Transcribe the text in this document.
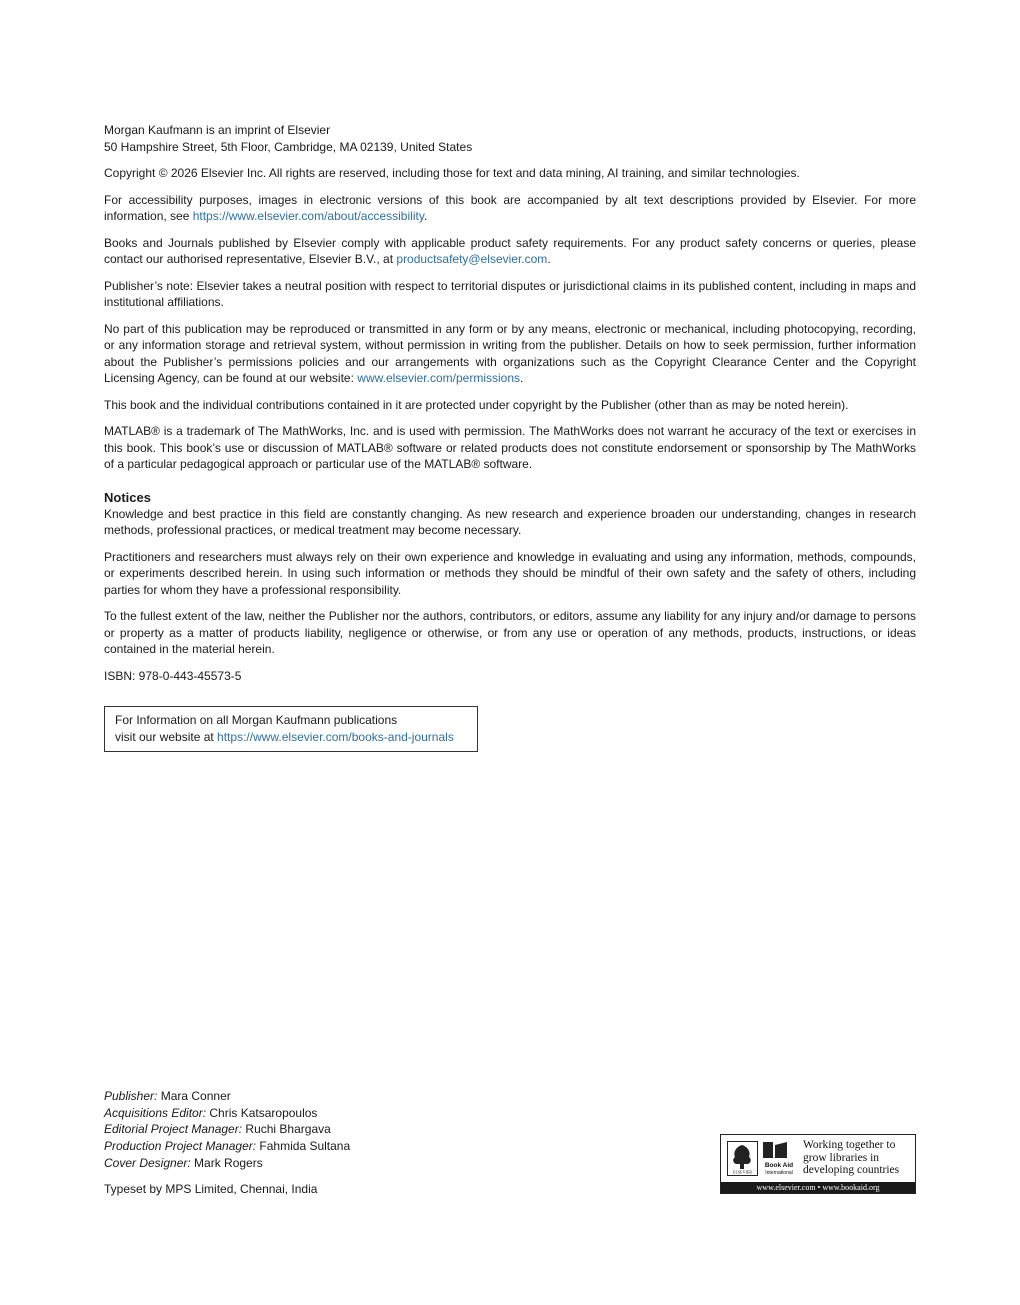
Morgan Kaufmann is an imprint of Elsevier

50 Hampshire Street, 5th Floor, Cambridge, MA 02139, United States

Copyright © 2026 Elsevier Inc. All rights are reserved, including those for text and data mining, AI training, and similar technologies.

For accessibility purposes, images in electronic versions of this book are accompanied by alt text descriptions provided by Elsevier. For more information, see https://www.elsevier.com/about/accessibility.

Books and Journals published by Elsevier comply with applicable product safety requirements. For any product safety concerns or queries, please contact our authorised representative, Elsevier B.V., at productsafety@elsevier.com.

Publisher’s note: Elsevier takes a neutral position with respect to territorial disputes or jurisdictional claims in its published content, including in maps and institutional affiliations.

No part of this publication may be reproduced or transmitted in any form or by any means, electronic or mechanical, including photocopying, recording, or any information storage and retrieval system, without permission in writing from the publisher. Details on how to seek permission, further information about the Publisher’s permissions policies and our arrangements with organizations such as the Copyright Clearance Center and the Copyright Licensing Agency, can be found at our website: www.elsevier.com/permissions.

This book and the individual contributions contained in it are protected under copyright by the Publisher (other than as may be noted herein).

MATLAB® is a trademark of The MathWorks, Inc. and is used with permission. The MathWorks does not warrant he accuracy of the text or exercises in this book. This book’s use or discussion of MATLAB® software or related products does not constitute endorsement or sponsorship by The MathWorks of a particular pedagogical approach or particular use of the MATLAB® software.

Notices

Knowledge and best practice in this field are constantly changing. As new research and experience broaden our understanding, changes in research methods, professional practices, or medical treatment may become necessary.

Practitioners and researchers must always rely on their own experience and knowledge in evaluating and using any information, methods, compounds, or experiments described herein. In using such information or methods they should be mindful of their own safety and the safety of others, including parties for whom they have a professional responsibility.

To the fullest extent of the law, neither the Publisher nor the authors, contributors, or editors, assume any liability for any injury and/or damage to persons or property as a matter of products liability, negligence or otherwise, or from any use or operation of any methods, products, instructions, or ideas contained in the material herein.

ISBN: 978-0-443-45573-5

For Information on all Morgan Kaufmann publications
visit our website at https://www.elsevier.com/books-and-journals
Publisher: Mara Conner
Acquisitions Editor: Chris Katsaropoulos
Editorial Project Manager: Ruchi Bhargava
Production Project Manager: Fahmida Sultana
Cover Designer: Mark Rogers
Typeset by MPS Limited, Chennai, India
ELSEVIER
Book Aid
International
Working together to grow libraries in developing countries
www.elsevier.com • www.bookaid.org
